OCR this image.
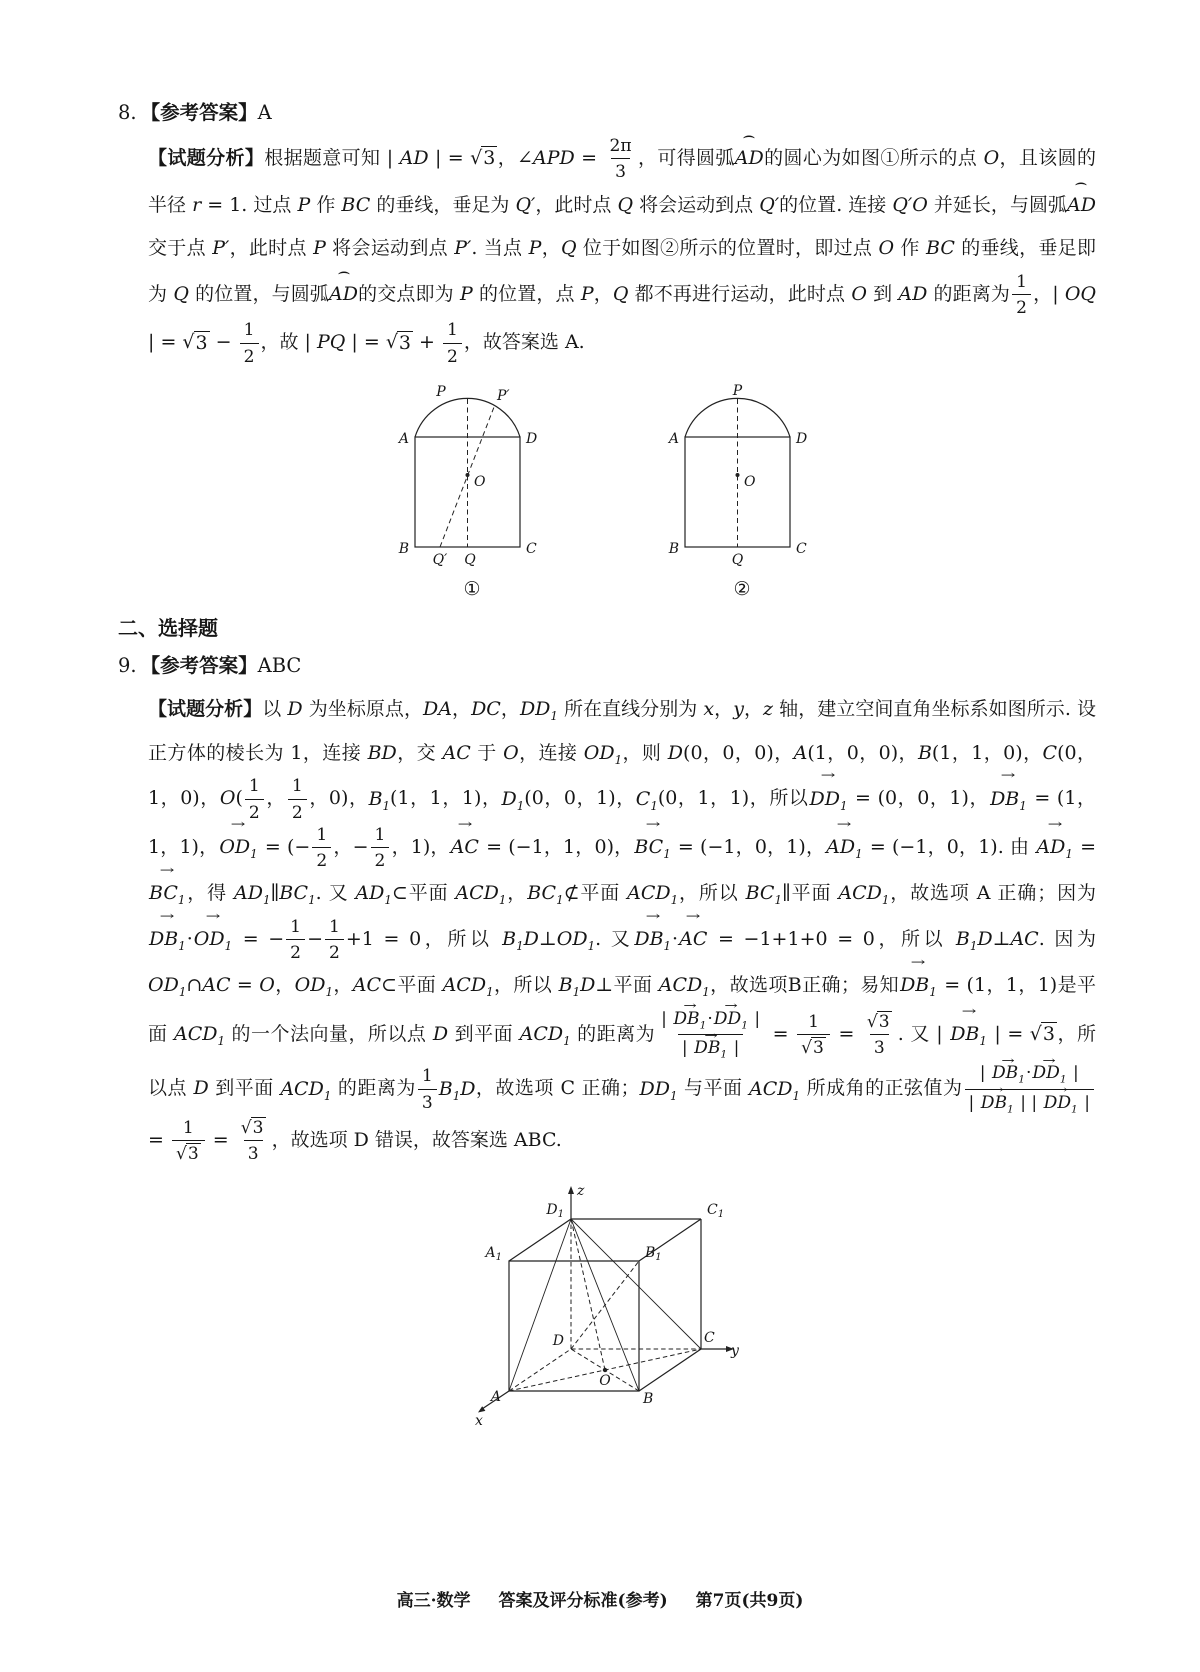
8. 【参考答案】A

【试题分析】根据题意可知 | AD | = √ 3 ，∠APD = $\frac{2\pi}{3}$ ，可得圆弧AD ⌢的圆心为如图①所示的点 O，且该圆的半径 r = 1. 过点 P 作 BC 的垂线，垂足为 Q′，此时点 Q 将会运动到点 Q′的位置. 连接 Q′O 并延长，与圆弧AD ⌢交于点 P′，此时点 P 将会运动到点 P′. 当点 P，Q 位于如图②所示的位置时，即过点 O 作 BC 的垂线，垂足即为 Q 的位置，与圆弧AD ⌢的交点即为 P 的位置，点 P，Q 都不再进行运动，此时点 O 到 AD 的距离为 $\frac{1}{2}$ ，| OQ | = √ $3 - \frac{1}{2}$ ，故 | PQ | = √ $3 + \frac{1}{2}$ ，故答案选 A.

P	P′
A	D
O
B	C
Q′ Q
①
P
A	D
O
B	C
Q
②
二、选择题
9. 【参考答案】ABC

【试题分析】以 D 为坐标原点，DA，DC，$DD_1$ 所在直线分别为 x，y，z 轴，建立空间直角坐标系如图所示. 设正方体的棱长为 1，连接 BD，交 AC 于 O，连接 $OD_1$，则 D(0，0，0)，A(1，0，0)，B(1，1，0)，C(0，1，0)，$O( \frac{1}{2}$ ， $\frac{1}{2}$ ，0)，$B_1(1$，1，1)，$D_1(0$，0，1)，$C_1(0$，1，1)，所以$DD_1$ → = (0，0，1)，$DB_1$ → = (1，1，1)，$OD_1$ → = (− $\frac{1}{2}$ ，− $\frac{1}{2}$ ，1)，AC → = (−1，1，0)，$BC_1$ → = (−1，0，1)，$AD_1$ → = (−1，0，1). 由 $AD_1$ → = $BC_1$ →，得 $AD_1\parallel BC_1$. 又 $AD_1\subset$平面 $ACD_1$，$BC_1⊄$平面 $ACD_1$，所以 $BC_1\parallel$平面 $ACD_1$，故选项 A 正确；因为$DB_1 \to\cdot OD_1$ → = − $\frac{1}{2} - \frac{1}{2} +1 = 0$，所以 $B_1D\perp OD_1$. 又$DB_1 \to\cdot AC$ → = −1+1+0 = 0，所以 $B_1D\perp AC$. 因为 $OD_1\cap AC = O$，$OD_1$，AC⊂平面 $ACD_1$，所以 $B_1D\perp$平面 $ACD_1$，故选项B正确；易知$DB_1$ → = (1，1，1)是平面 $ACD_1$ 的一个法向量，所以点 D 到平面 $ACD_1$ 的距离为 $\frac{| DB_1 \to\cdot DD_1 \to |}{| DB_1 \to |} = \frac{1}{√ 3} = \frac{√ 3}{3}$ . 又 | $DB_1$ → | = √ 3 ，所以点 D 到平面 $ACD_1$ 的距离为 $\frac{1}{3} B_1D$，故选项 C 正确；$DD_1$ 与平面 $ACD_1$ 所成角的正弦值为 $\frac{| DB_1 \to\cdot DD_1 \to |}{| DB_1 \to | | DD_1 \to |}$
= $\frac{1}{√ 3} = \frac{√ 3}{3}$ ，故选项 D 错误，故答案选 ABC.

z
y
x
$D_1$	$C_1$
$A_1$	$B_1$
D	C
A	B
O
高三·数学 答案及评分标准(参考) 第7页(共9页)
